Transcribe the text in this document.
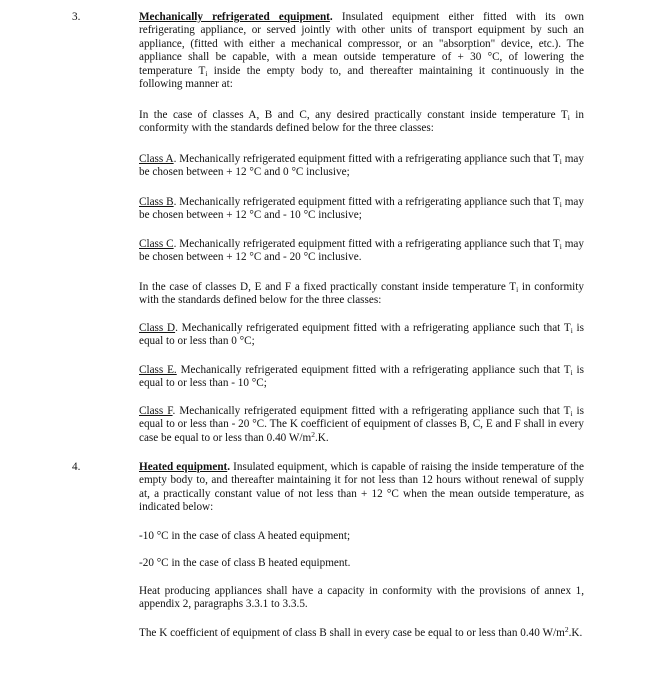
3.	Mechanically refrigerated equipment. Insulated equipment either fitted with its own refrigerating appliance, or served jointly with other units of transport equipment by such an appliance, (fitted with either a mechanical compressor, or an "absorption" device, etc.). The appliance shall be capable, with a mean outside temperature of + 30 °C, of lowering the temperature $T_i$ inside the empty body to, and thereafter maintaining it continuously in the following manner at:

In the case of classes A, B and C, any desired practically constant inside temperature $T_i$ in conformity with the standards defined below for the three classes:

Class A. Mechanically refrigerated equipment fitted with a refrigerating appliance such that $T_i$ may be chosen between + 12 °C and 0 °C inclusive;

Class B. Mechanically refrigerated equipment fitted with a refrigerating appliance such that $T_i$ may be chosen between + 12 °C and - 10 °C inclusive;

Class C. Mechanically refrigerated equipment fitted with a refrigerating appliance such that $T_i$ may be chosen between + 12 °C and - 20 °C inclusive.

In the case of classes D, E and F a fixed practically constant inside temperature $T_i$ in conformity with the standards defined below for the three classes:

Class D. Mechanically refrigerated equipment fitted with a refrigerating appliance such that $T_i$ is equal to or less than 0 °C;

Class E. Mechanically refrigerated equipment fitted with a refrigerating appliance such that $T_i$ is equal to or less than - 10 °C;

Class F. Mechanically refrigerated equipment fitted with a refrigerating appliance such that $T_i$ is equal to or less than - 20 °C. The K coefficient of equipment of classes B, C, E and F shall in every case be equal to or less than 0.40 $W/m^2.K$.

4.	Heated equipment. Insulated equipment, which is capable of raising the inside temperature of the empty body to, and thereafter maintaining it for not less than 12 hours without renewal of supply at, a practically constant value of not less than + 12 °C when the mean outside temperature, as indicated below:

-10 °C in the case of class A heated equipment;

-20 °C in the case of class B heated equipment.

Heat producing appliances shall have a capacity in conformity with the provisions of annex 1, appendix 2, paragraphs 3.3.1 to 3.3.5.

The K coefficient of equipment of class B shall in every case be equal to or less than 0.40 $W/m^2.K$.
